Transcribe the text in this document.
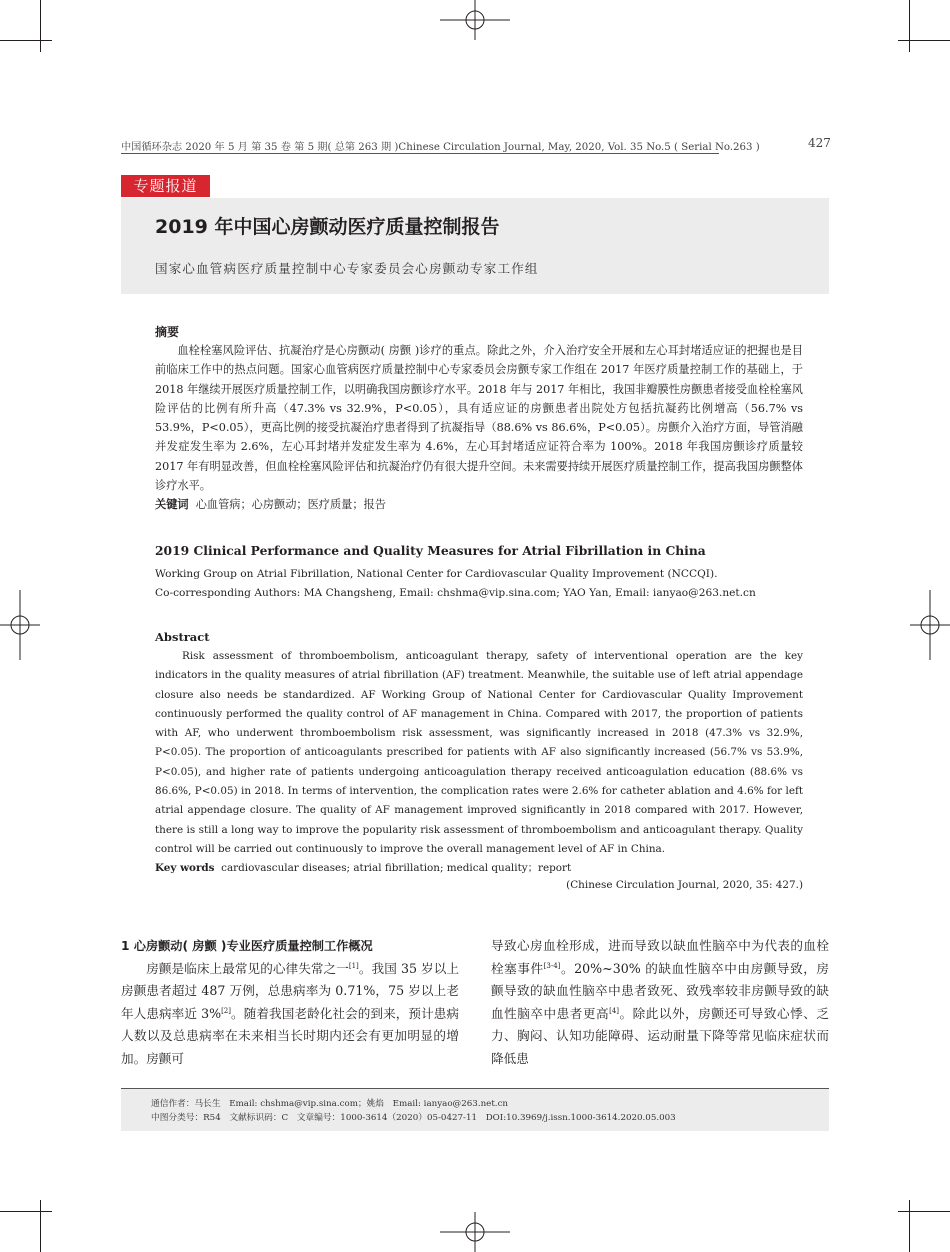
中国循环杂志 2020 年 5 月 第 35 卷 第 5 期( 总第 263 期 )Chinese Circulation Journal, May, 2020, Vol. 35 No.5 ( Serial No.263 )	427
专题报道
2019 年中国心房颤动医疗质量控制报告
国家心血管病医疗质量控制中心专家委员会心房颤动专家工作组
摘要

血栓栓塞风险评估、抗凝治疗是心房颤动( 房颤 )诊疗的重点。除此之外，介入治疗安全开展和左心耳封堵适应证的把握也是目前临床工作中的热点问题。国家心血管病医疗质量控制中心专家委员会房颤专家工作组在 2017 年医疗质量控制工作的基础上，于 2018 年继续开展医疗质量控制工作，以明确我国房颤诊疗水平。2018 年与 2017 年相比，我国非瓣膜性房颤患者接受血栓栓塞风险评估的比例有所升高（47.3% vs 32.9%，P<0.05），具有适应证的房颤患者出院处方包括抗凝药比例增高（56.7% vs 53.9%，P<0.05），更高比例的接受抗凝治疗患者得到了抗凝指导（88.6% vs 86.6%，P<0.05）。房颤介入治疗方面，导管消融并发症发生率为 2.6%，左心耳封堵并发症发生率为 4.6%，左心耳封堵适应证符合率为 100%。2018 年我国房颤诊疗质量较 2017 年有明显改善，但血栓栓塞风险评估和抗凝治疗仍有很大提升空间。未来需要持续开展医疗质量控制工作，提高我国房颤整体诊疗水平。

关键词 心血管病；心房颤动；医疗质量；报告
2019 Clinical Performance and Quality Measures for Atrial Fibrillation in China
Working Group on Atrial Fibrillation, National Center for Cardiovascular Quality Improvement (NCCQI).
Co-corresponding Authors: MA Changsheng, Email: chshma@vip.sina.com; YAO Yan, Email: ianyao@263.net.cn
Abstract

Risk assessment of thromboembolism, anticoagulant therapy, safety of interventional operation are the key indicators in the quality measures of atrial fibrillation (AF) treatment. Meanwhile, the suitable use of left atrial appendage closure also needs be standardized. AF Working Group of National Center for Cardiovascular Quality Improvement continuously performed the quality control of AF management in China. Compared with 2017, the proportion of patients with AF, who underwent thromboembolism risk assessment, was significantly increased in 2018 (47.3% vs 32.9%, P<0.05). The proportion of anticoagulants prescribed for patients with AF also significantly increased (56.7% vs 53.9%, P<0.05), and higher rate of patients undergoing anticoagulation therapy received anticoagulation education (88.6% vs 86.6%, P<0.05) in 2018. In terms of intervention, the complication rates were 2.6% for catheter ablation and 4.6% for left atrial appendage closure. The quality of AF management improved significantly in 2018 compared with 2017. However, there is still a long way to improve the popularity risk assessment of thromboembolism and anticoagulant therapy. Quality control will be carried out continuously to improve the overall management level of AF in China.

Key words cardiovascular diseases; atrial fibrillation; medical quality；report
(Chinese Circulation Journal, 2020, 35: 427.)

1 心房颤动( 房颤 )专业医疗质量控制工作概况

房颤是临床上最常见的心律失常之一[1]。我国 35 岁以上房颤患者超过 487 万例，总患病率为 0.71%，75 岁以上老年人患病率近 3%[2]。随着我国老龄化社会的到来，预计患病人数以及总患病率在未来相当长时期内还会有更加明显的增加。房颤可

导致心房血栓形成，进而导致以缺血性脑卒中为代表的血栓栓塞事件[3-4]。20%~30% 的缺血性脑卒中由房颤导致，房颤导致的缺血性脑卒中患者致死、致残率较非房颤导致的缺血性脑卒中患者更高[4]。除此以外，房颤还可导致心悸、乏力、胸闷、认知功能障碍、运动耐量下降等常见临床症状而降低患

通信作者：马长生　Email: chshma@vip.sina.com；姚焰　Email: ianyao@263.net.cn
中图分类号：R54　文献标识码：C　文章编号：1000-3614（2020）05-0427-11　DOI:10.3969/j.issn.1000-3614.2020.05.003
